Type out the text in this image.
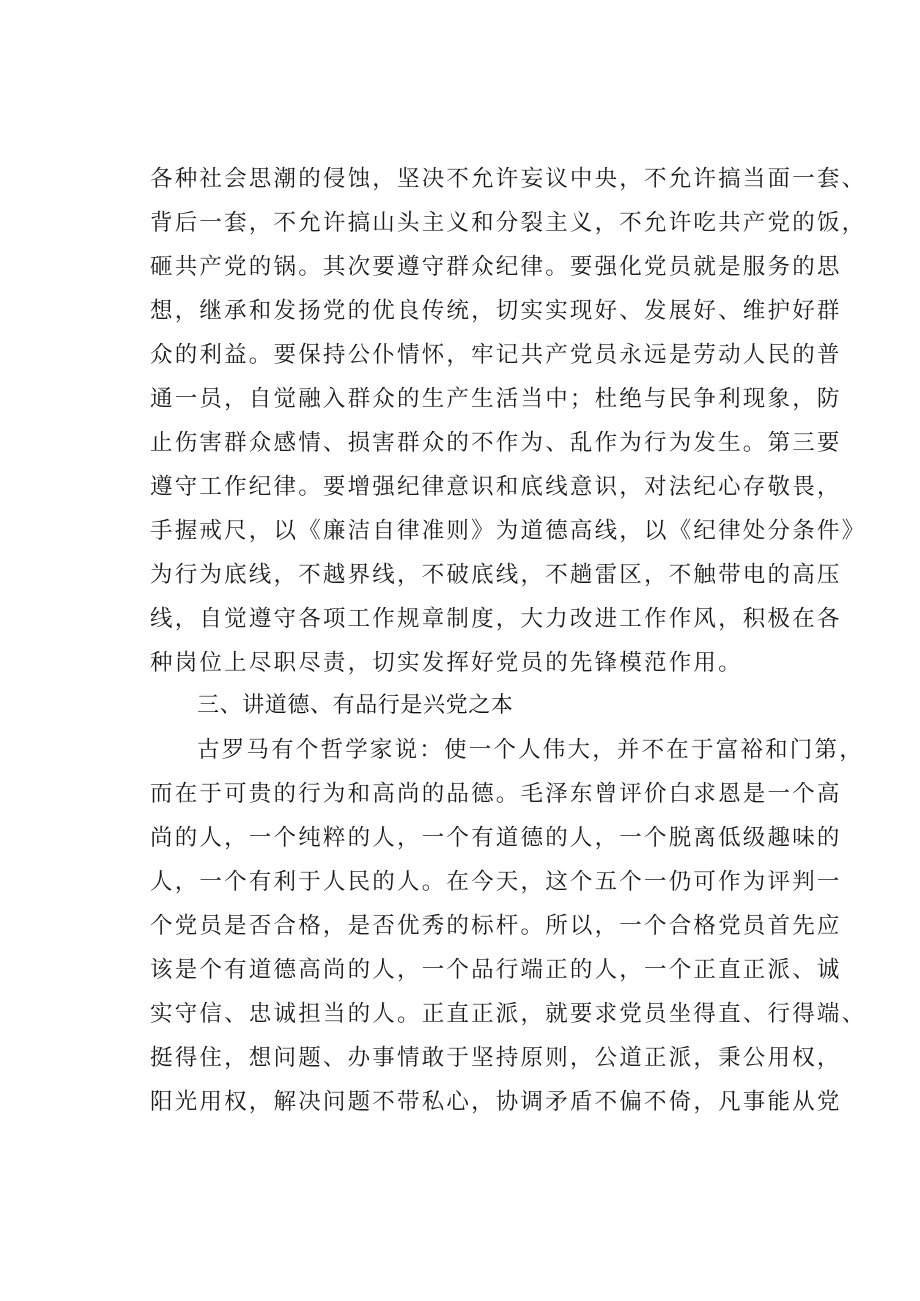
各种社会思潮的侵蚀，坚决不允许妄议中央，不允许搞当面一套、
背后一套，不允许搞山头主义和分裂主义，不允许吃共产党的饭，
砸共产党的锅。其次要遵守群众纪律。要强化党员就是服务的思
想，继承和发扬党的优良传统，切实实现好、发展好、维护好群
众的利益。要保持公仆情怀，牢记共产党员永远是劳动人民的普
通一员，自觉融入群众的生产生活当中；杜绝与民争利现象，防
止伤害群众感情、损害群众的不作为、乱作为行为发生。第三要
遵守工作纪律。要增强纪律意识和底线意识，对法纪心存敬畏，
手握戒尺，以《廉洁自律准则》为道德高线，以《纪律处分条件》
为行为底线，不越界线，不破底线，不趟雷区，不触带电的高压
线，自觉遵守各项工作规章制度，大力改进工作作风，积极在各
种岗位上尽职尽责，切实发挥好党员的先锋模范作用。
三、讲道德、有品行是兴党之本
古罗马有个哲学家说：使一个人伟大，并不在于富裕和门第，
而在于可贵的行为和高尚的品德。毛泽东曾评价白求恩是一个高
尚的人，一个纯粹的人，一个有道德的人，一个脱离低级趣味的
人，一个有利于人民的人。在今天，这个五个一仍可作为评判一
个党员是否合格，是否优秀的标杆。所以，一个合格党员首先应
该是个有道德高尚的人，一个品行端正的人，一个正直正派、诚
实守信、忠诚担当的人。正直正派，就要求党员坐得直、行得端、
挺得住，想问题、办事情敢于坚持原则，公道正派，秉公用权，
阳光用权，解决问题不带私心，协调矛盾不偏不倚，凡事能从党
